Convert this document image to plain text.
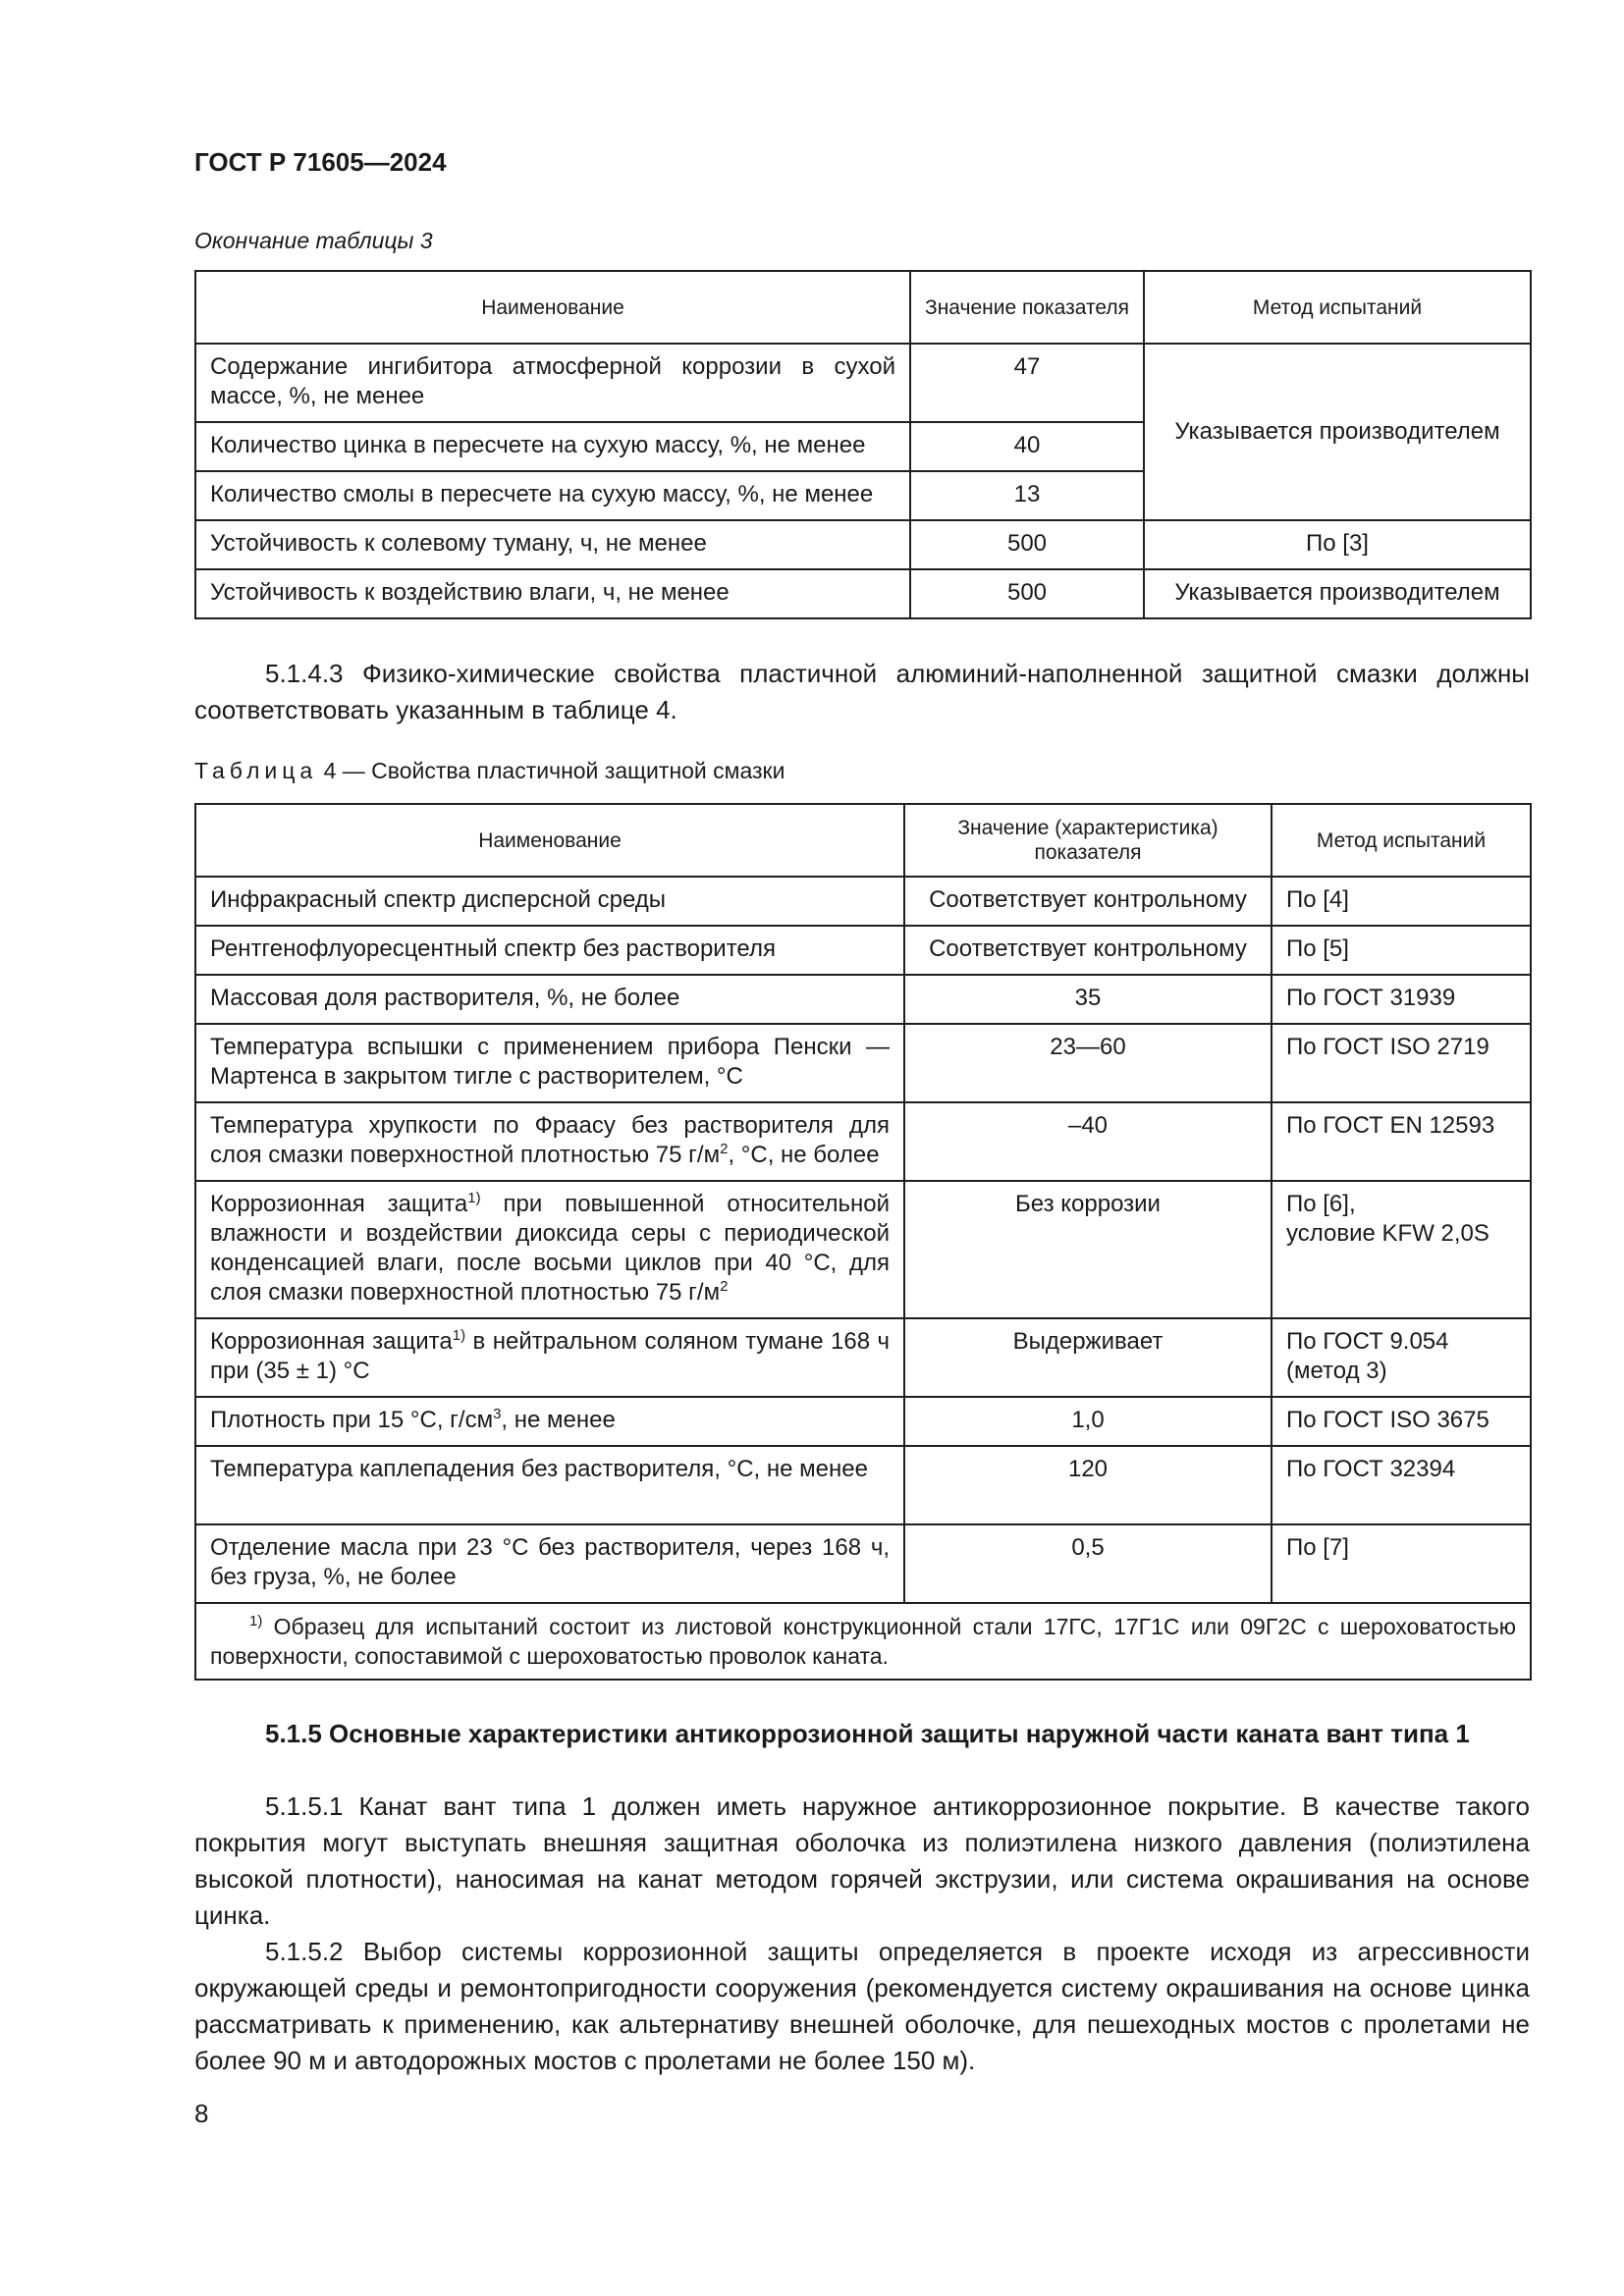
ГОСТ Р 71605—2024
Окончание таблицы 3
Наименование	Значение показателя	Метод испытаний
Содержание ингибитора атмосферной коррозии в сухой массе, %, не менее	47	Указывается производителем
Количество цинка в пересчете на сухую массу, %, не менее	40	
Количество смолы в пересчете на сухую массу, %, не менее	13	
Устойчивость к солевому туману, ч, не менее	500	По [3]
Устойчивость к воздействию влаги, ч, не менее	500	Указывается производителем
5.1.4.3 Физико-химические свойства пластичной алюминий-наполненной защитной смазки должны соответствовать указанным в таблице 4.
Таблица 4 — Свойства пластичной защитной смазки
Наименование	Значение (характеристика) показателя	Метод испытаний
Инфракрасный спектр дисперсной среды	Соответствует контрольному	По [4]
Рентгенофлуоресцентный спектр без растворителя	Соответствует контрольному	По [5]
Массовая доля растворителя, %, не более	35	По ГОСТ 31939
Температура вспышки с применением прибора Пенски — Мартенса в закрытом тигле с растворителем, °С	23—60	По ГОСТ ISO 2719
Температура хрупкости по Фраасу без растворителя для слоя смазки поверхностной плотностью 75 $г/м^2$, °С, не более	–40	По ГОСТ EN 12593
Коррозионная защита$^{1)}$ при повышенной относительной влажности и воздействии диоксида серы с периодической конденсацией влаги, после восьми циклов при 40 °С, для слоя смазки поверхностной плотностью 75 $г/м^2$	Без коррозии	По [6],
условие KFW 2,0S

Коррозионная защита$^{1)}$ в нейтральном соляном тумане 168 ч при (35 ± 1) °С	Выдерживает	По ГОСТ 9.054
(метод 3)

Плотность при 15 °С, $г/см^3$, не менее	1,0	По ГОСТ ISO 3675
Температура каплепадения без растворителя, °С, не менее	120	По ГОСТ 32394
Отделение масла при 23 °С без растворителя, через 168 ч, без груза, %, не более	0,5	По [7]
$^{1)}$ Образец для испытаний состоит из листовой конструкционной стали 17ГС, 17Г1С или 09Г2С с шероховатостью поверхности, сопоставимой с шероховатостью проволок каната.		
5.1.5 Основные характеристики антикоррозионной защиты наружной части каната вант типа 1
5.1.5.1 Канат вант типа 1 должен иметь наружное антикоррозионное покрытие. В качестве такого покрытия могут выступать внешняя защитная оболочка из полиэтилена низкого давления (полиэтилена высокой плотности), наносимая на канат методом горячей экструзии, или система окрашивания на основе цинка.
5.1.5.2 Выбор системы коррозионной защиты определяется в проекте исходя из агрессивности окружающей среды и ремонтопригодности сооружения (рекомендуется систему окрашивания на основе цинка рассматривать к применению, как альтернативу внешней оболочке, для пешеходных мостов с пролетами не более 90 м и автодорожных мостов с пролетами не более 150 м).
8
